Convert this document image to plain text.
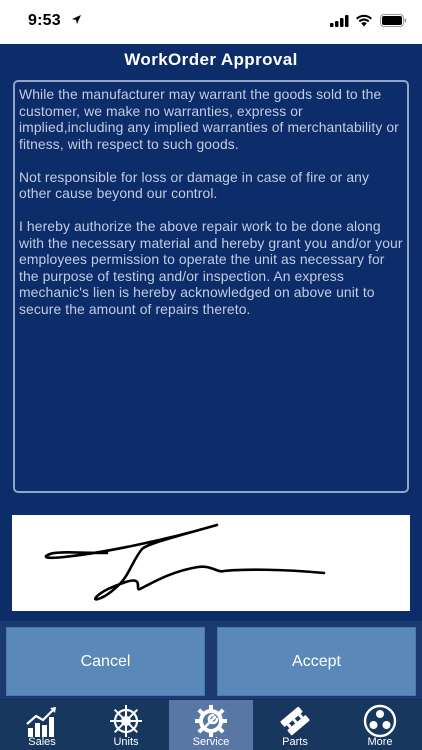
9:53
WorkOrder Approval

While the manufacturer may warrant the goods sold to the customer, we make no warranties, express or implied,including any implied warranties of merchantability or fitness, with respect to such goods.

Not responsible for loss or damage in case of fire or any other cause beyond our control.

I hereby authorize the above repair work to be done along with the necessary material and hereby grant you and/or your employees permission to operate the unit as necessary for the purpose of testing and/or inspection. An express mechanic's lien is hereby acknowledged on above unit to secure the amount of repairs thereto.

Cancel	Accept
Sales	Units	Service	Parts	More
